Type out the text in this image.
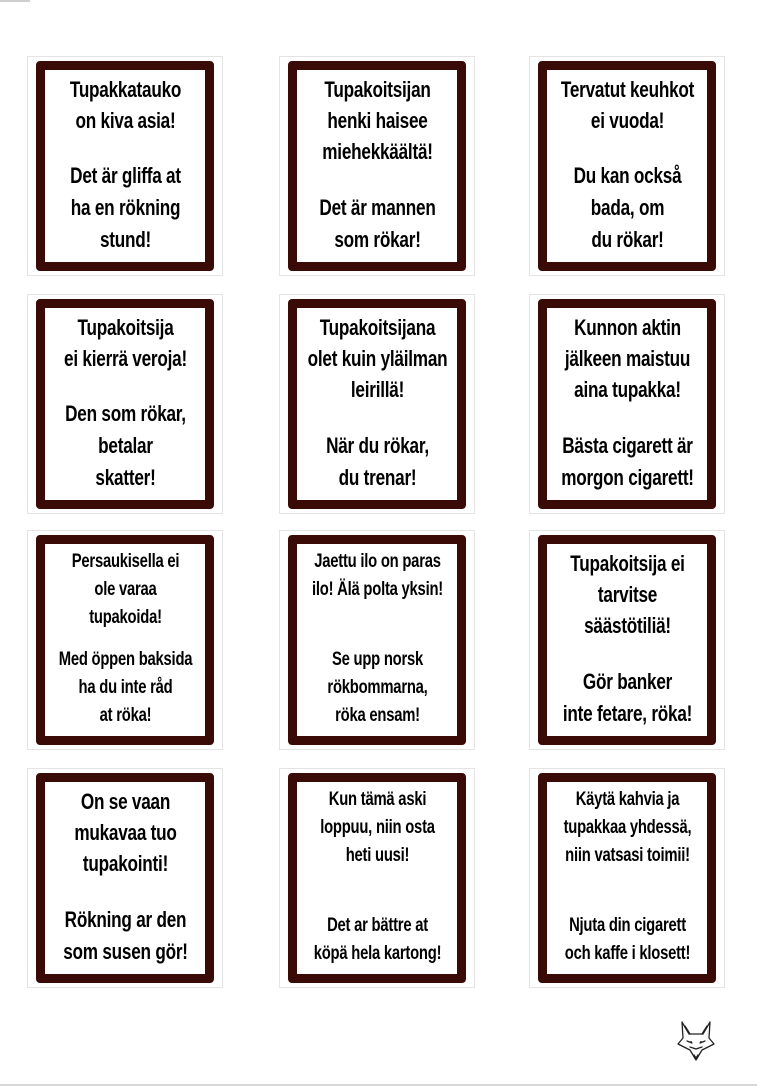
Tupakkatauko
on kiva asia!

Det är gliffa at
ha en rökning
stund!

Tupakoitsijan
henki haisee
miehekkäältä!

Det är mannen
som rökar!

Tervatut keuhkot
ei vuoda!

Du kan också
bada, om
du rökar!

Tupakoitsija
ei kierrä veroja!

Den som rökar,
betalar
skatter!

Tupakoitsijana
olet kuin yläilman
leirillä!

När du rökar,
du trenar!

Kunnon aktin
jälkeen maistuu
aina tupakka!

Bästa cigarett är
morgon cigarett!

Persaukisella ei
ole varaa
tupakoida!

Med öppen baksida
ha du inte råd
at röka!

Jaettu ilo on paras
ilo! Älä polta yksin!

Se upp norsk
rökbommarna,
röka ensam!

Tupakoitsija ei
tarvitse
säästötiliä!

Gör banker
inte fetare, röka!

On se vaan
mukavaa tuo
tupakointi!

Rökning ar den
som susen gör!

Kun tämä aski
loppuu, niin osta
heti uusi!

Det ar bättre at
köpä hela kartong!

Käytä kahvia ja
tupakkaa yhdessä,
niin vatsasi toimii!

Njuta din cigarett
och kaffe i klosett!
